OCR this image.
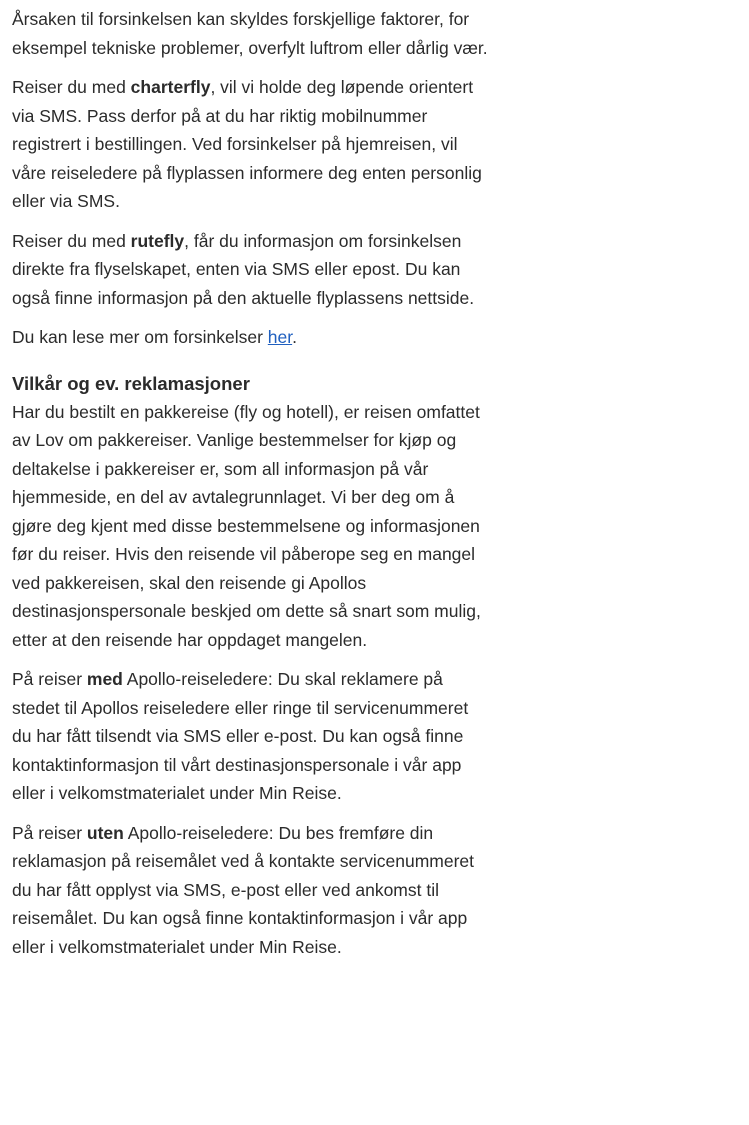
Årsaken til forsinkelsen kan skyldes forskjellige faktorer, for eksempel tekniske problemer, overfylt luftrom eller dårlig vær.

Reiser du med charterfly, vil vi holde deg løpende orientert via SMS. Pass derfor på at du har riktig mobilnummer registrert i bestillingen. Ved forsinkelser på hjemreisen, vil våre reiseledere på flyplassen informere deg enten personlig eller via SMS.

Reiser du med rutefly, får du informasjon om forsinkelsen direkte fra flyselskapet, enten via SMS eller epost. Du kan også finne informasjon på den aktuelle flyplassens nettside.

Du kan lese mer om forsinkelser her.

Vilkår og ev. reklamasjoner

Har du bestilt en pakkereise (fly og hotell), er reisen omfattet av Lov om pakkereiser. Vanlige bestemmelser for kjøp og deltakelse i pakkereiser er, som all informasjon på vår hjemmeside, en del av avtalegrunnlaget. Vi ber deg om å gjøre deg kjent med disse bestemmelsene og informasjonen før du reiser. Hvis den reisende vil påberope seg en mangel ved pakkereisen, skal den reisende gi Apollos destinasjonspersonale beskjed om dette så snart som mulig, etter at den reisende har oppdaget mangelen.

På reiser med Apollo-reiseledere: Du skal reklamere på stedet til Apollos reiseledere eller ringe til servicenummeret du har fått tilsendt via SMS eller e-post. Du kan også finne kontaktinformasjon til vårt destinasjonspersonale i vår app eller i velkomstmaterialet under Min Reise.

På reiser uten Apollo-reiseledere: Du bes fremføre din reklamasjon på reisemålet ved å kontakte servicenummeret du har fått opplyst via SMS, e-post eller ved ankomst til reisemålet. Du kan også finne kontaktinformasjon i vår app eller i velkomstmaterialet under Min Reise.
